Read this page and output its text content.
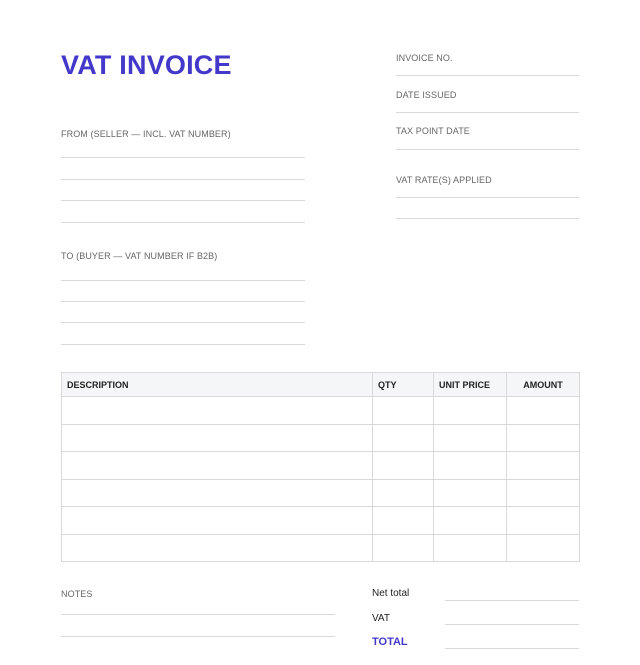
VAT INVOICE	INVOICE NO.
DATE ISSUED
TAX POINT DATE
VAT RATE(S) APPLIED
FROM (SELLER — INCL. VAT NUMBER)
TO (BUYER — VAT NUMBER IF B2B)
DESCRIPTION	QTY	UNIT PRICE	AMOUNT

NOTES	Net total
VAT
TOTAL
